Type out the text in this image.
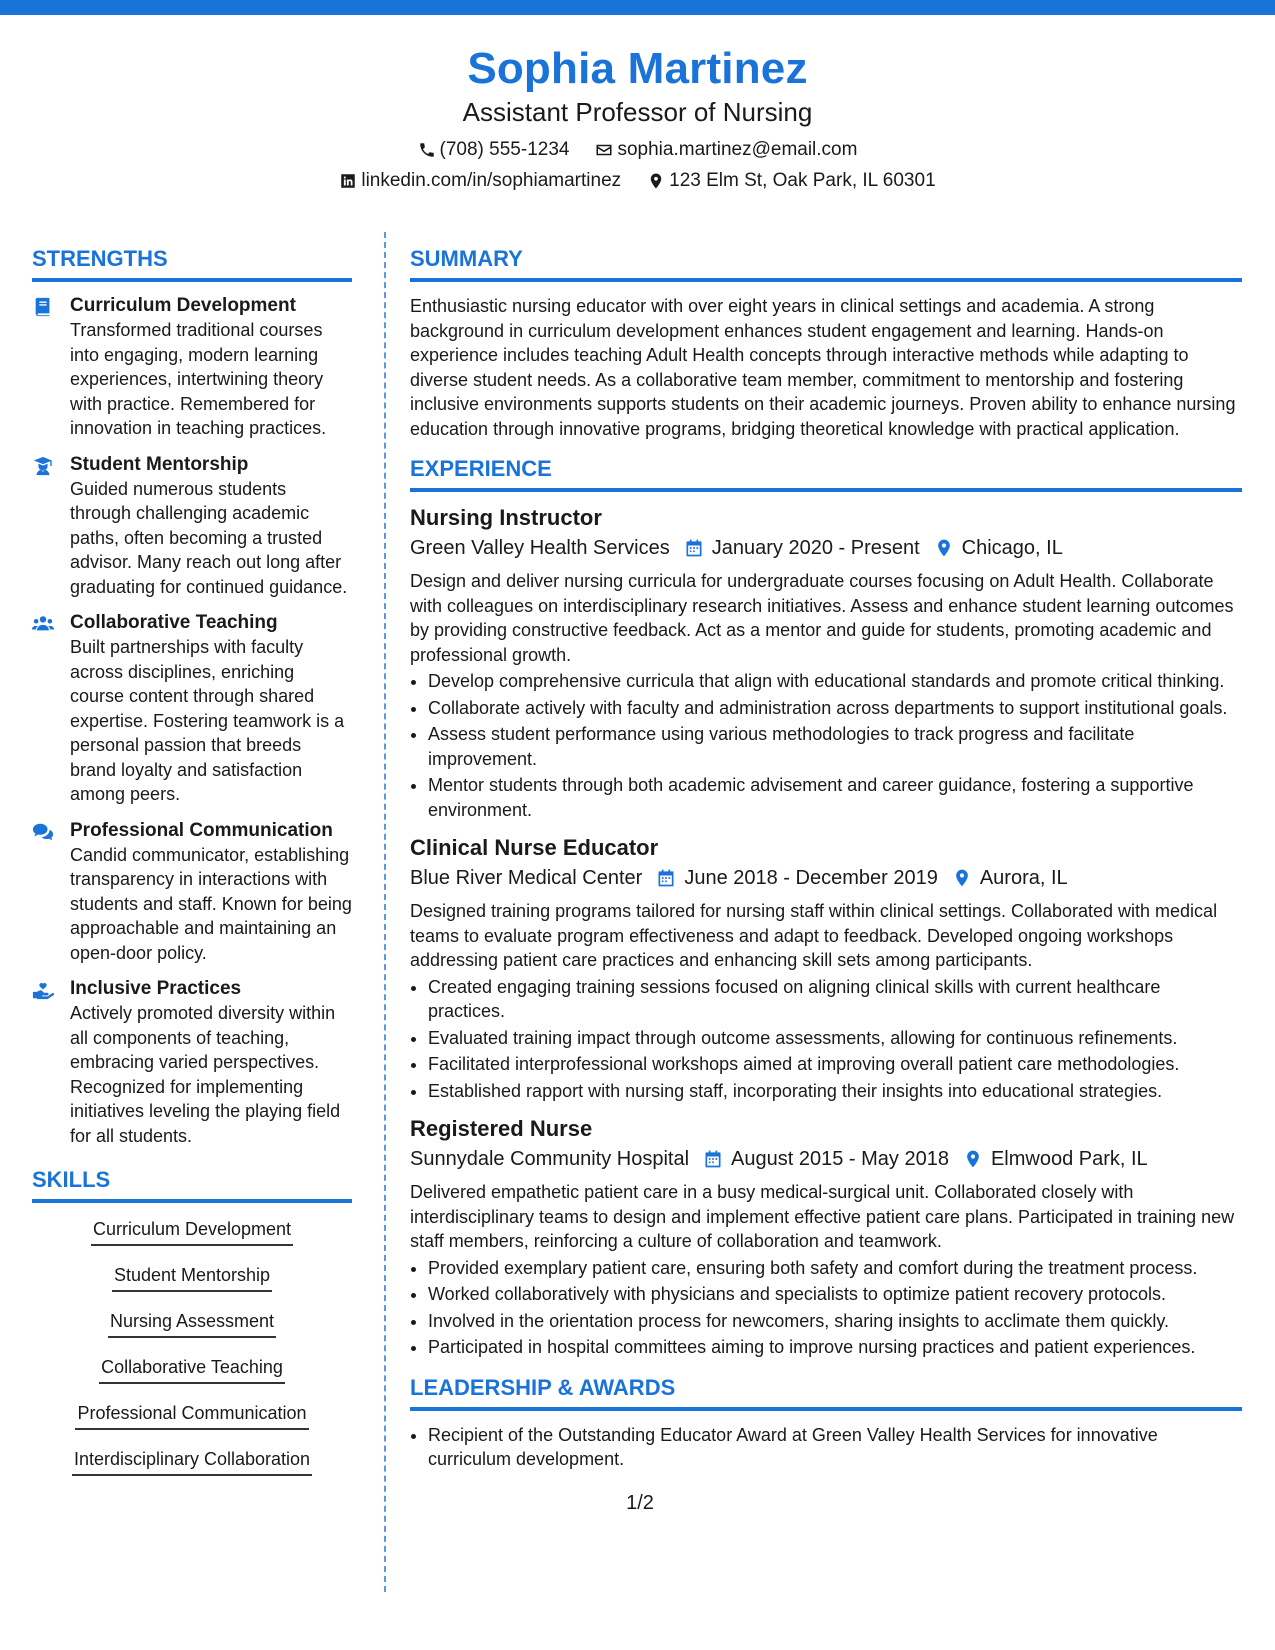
Sophia Martinez
Assistant Professor of Nursing
(708) 555-1234	sophia.martinez@email.com
linkedin.com/in/sophiamartinez	123 Elm St, Oak Park, IL 60301
STRENGTHS
Curriculum Development
Transformed traditional courses into engaging, modern learning experiences, intertwining theory with practice. Remembered for innovation in teaching practices.
Student Mentorship
Guided numerous students through challenging academic paths, often becoming a trusted advisor. Many reach out long after graduating for continued guidance.
Collaborative Teaching
Built partnerships with faculty across disciplines, enriching course content through shared expertise. Fostering teamwork is a personal passion that breeds brand loyalty and satisfaction among peers.
Professional Communication
Candid communicator, establishing transparency in interactions with students and staff. Known for being approachable and maintaining an open-door policy.
Inclusive Practices
Actively promoted diversity within all components of teaching, embracing varied perspectives. Recognized for implementing initiatives leveling the playing field for all students.
SKILLS
Curriculum Development
Student Mentorship
Nursing Assessment
Collaborative Teaching
Professional Communication
Interdisciplinary Collaboration
SUMMARY

Enthusiastic nursing educator with over eight years in clinical settings and academia. A strong background in curriculum development enhances student engagement and learning. Hands-on experience includes teaching Adult Health concepts through interactive methods while adapting to diverse student needs. As a collaborative team member, commitment to mentorship and fostering inclusive environments supports students on their academic journeys. Proven ability to enhance nursing education through innovative programs, bridging theoretical knowledge with practical application.

EXPERIENCE
Nursing Instructor
Green Valley Health Services January 2020 - Present Chicago, IL

Design and deliver nursing curricula for undergraduate courses focusing on Adult Health. Collaborate with colleagues on interdisciplinary research initiatives. Assess and enhance student learning outcomes by providing constructive feedback. Act as a mentor and guide for students, promoting academic and professional growth.

• Develop comprehensive curricula that align with educational standards and promote critical thinking.
• Collaborate actively with faculty and administration across departments to support institutional goals.
• Assess student performance using various methodologies to track progress and facilitate improvement.
• Mentor students through both academic advisement and career guidance, fostering a supportive environment.
Clinical Nurse Educator
Blue River Medical Center June 2018 - December 2019 Aurora, IL

Designed training programs tailored for nursing staff within clinical settings. Collaborated with medical teams to evaluate program effectiveness and adapt to feedback. Developed ongoing workshops addressing patient care practices and enhancing skill sets among participants.

• Created engaging training sessions focused on aligning clinical skills with current healthcare practices.
• Evaluated training impact through outcome assessments, allowing for continuous refinements.
• Facilitated interprofessional workshops aimed at improving overall patient care methodologies.
• Established rapport with nursing staff, incorporating their insights into educational strategies.
Registered Nurse
Sunnydale Community Hospital August 2015 - May 2018 Elmwood Park, IL

Delivered empathetic patient care in a busy medical-surgical unit. Collaborated closely with interdisciplinary teams to design and implement effective patient care plans. Participated in training new staff members, reinforcing a culture of collaboration and teamwork.

• Provided exemplary patient care, ensuring both safety and comfort during the treatment process.
• Worked collaboratively with physicians and specialists to optimize patient recovery protocols.
• Involved in the orientation process for newcomers, sharing insights to acclimate them quickly.
• Participated in hospital committees aiming to improve nursing practices and patient experiences.
LEADERSHIP & AWARDS
• Recipient of the Outstanding Educator Award at Green Valley Health Services for innovative curriculum development.
1/2
